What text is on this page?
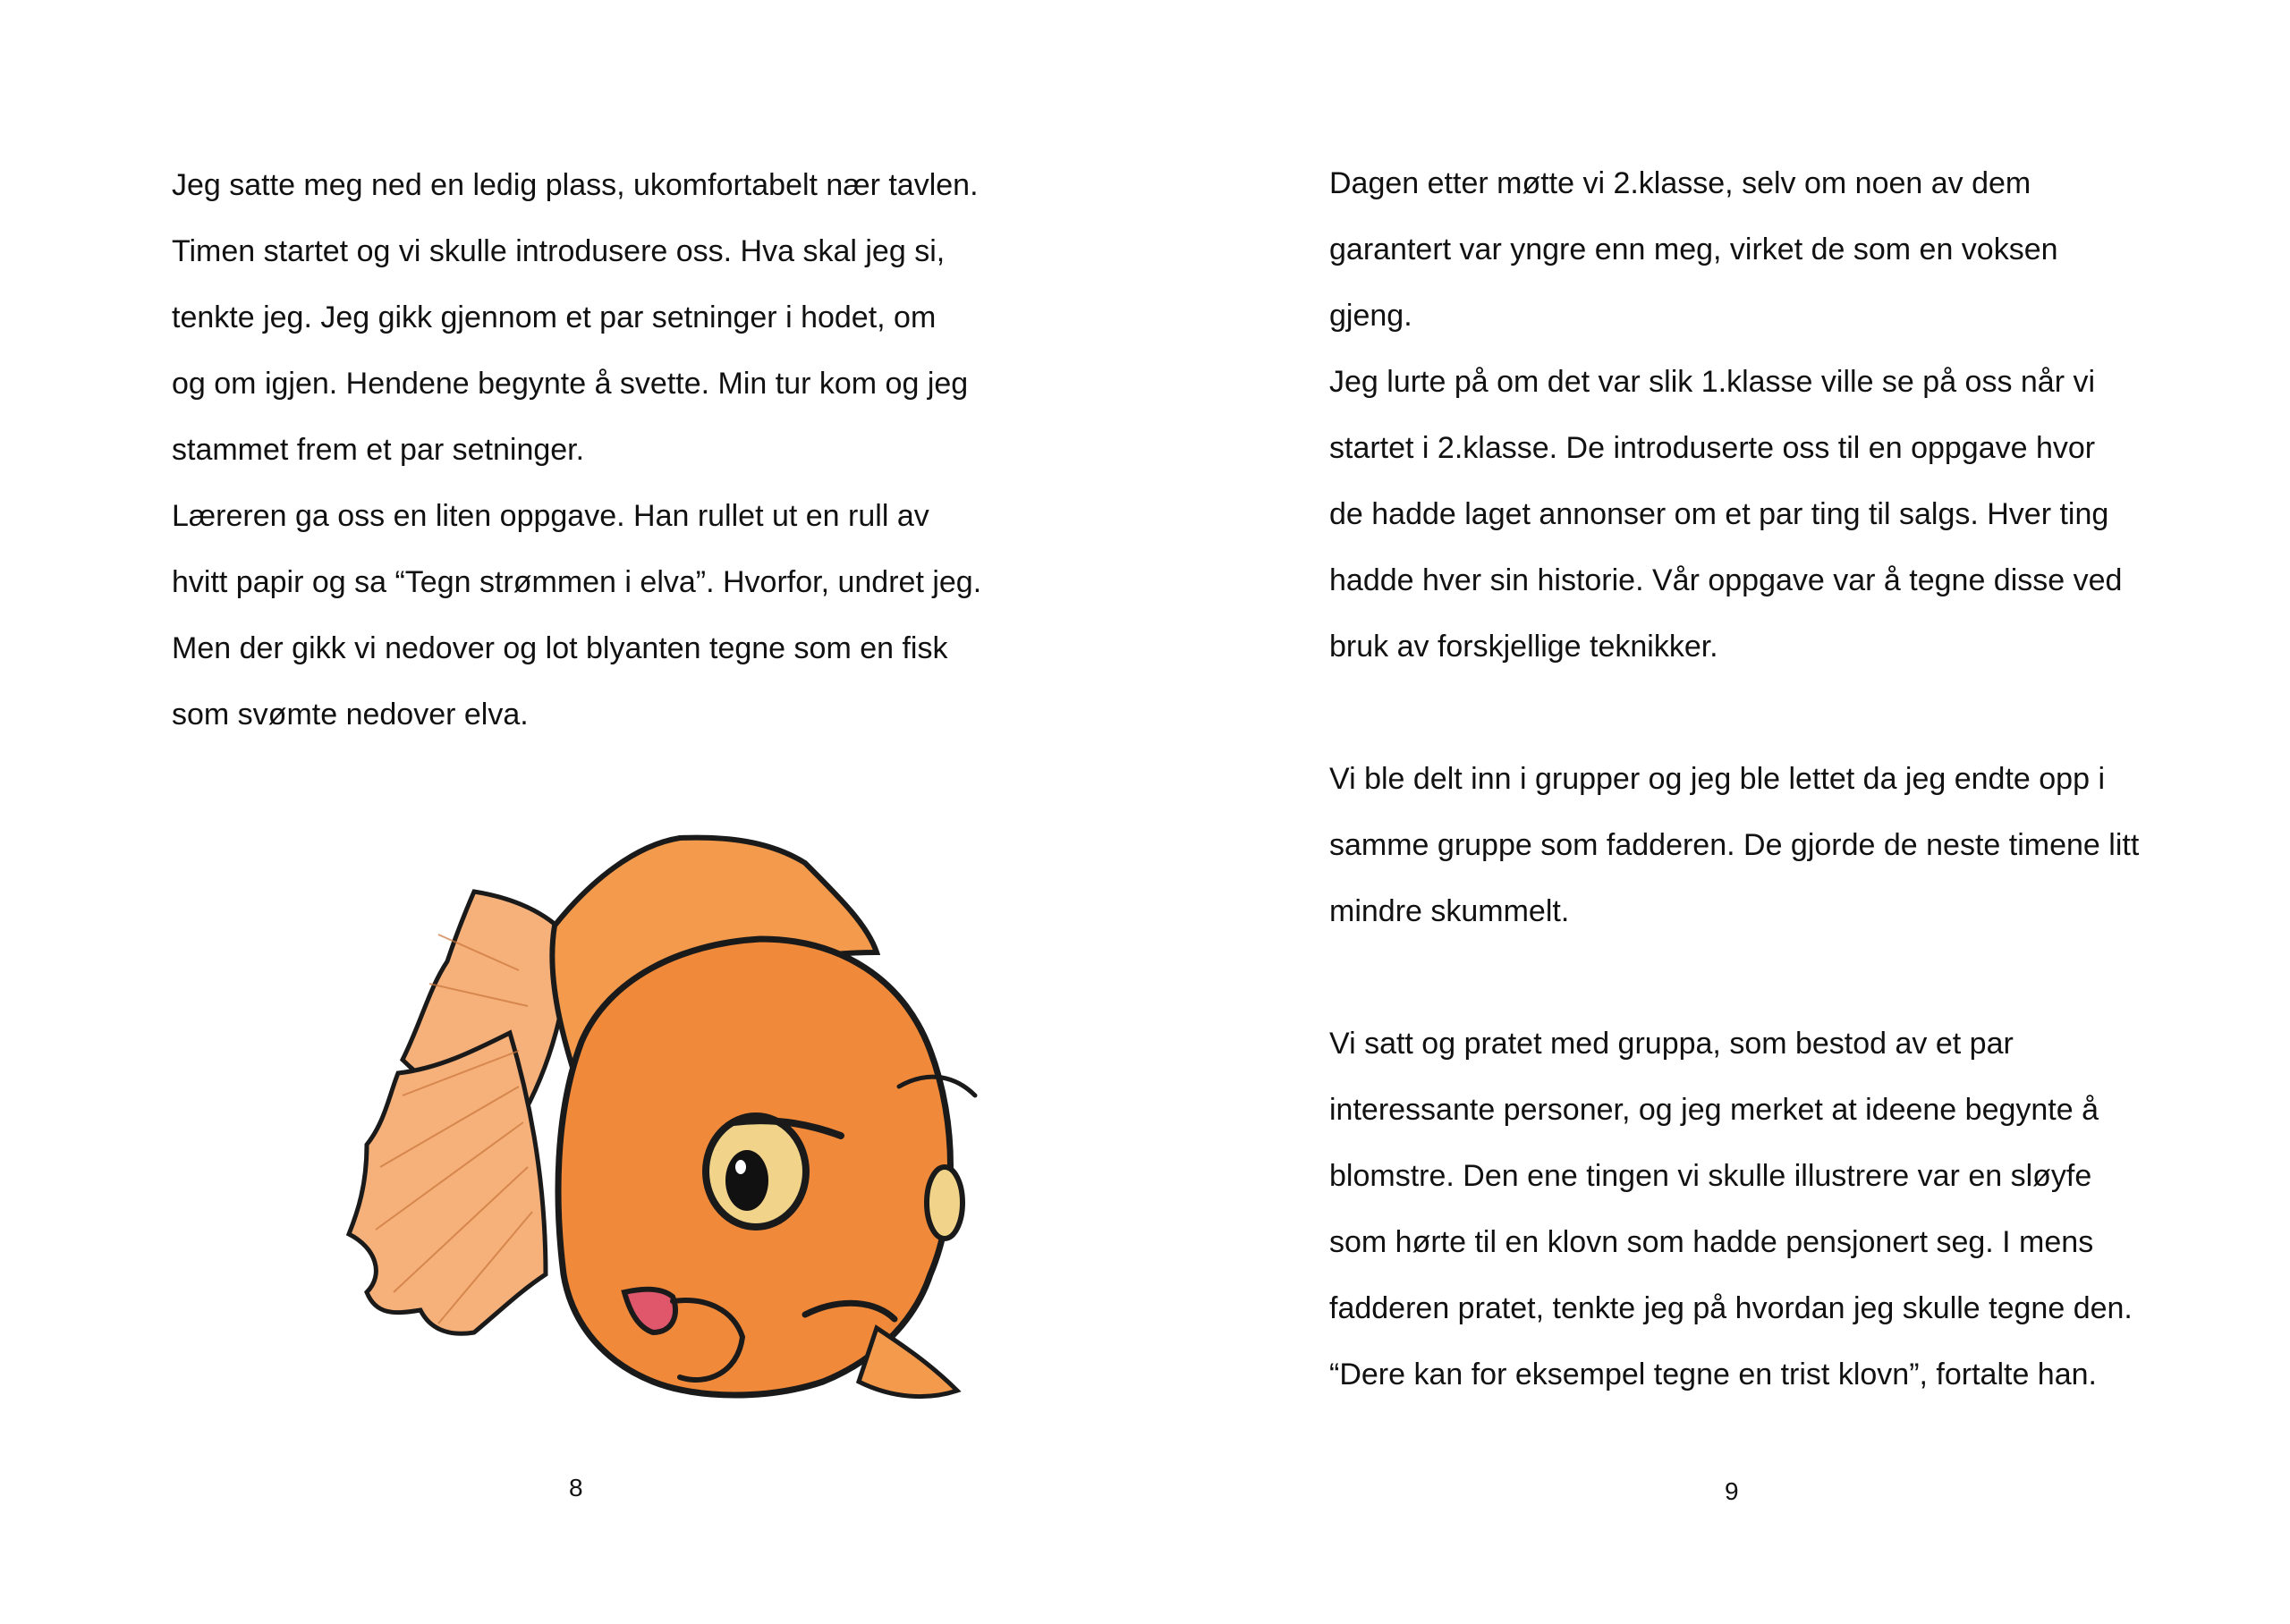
Jeg satte meg ned en ledig plass, ukomfortabelt nær tavlen.
Timen startet og vi skulle introdusere oss. Hva skal jeg si,
tenkte jeg. Jeg gikk gjennom et par setninger i hodet, om
og om igjen. Hendene begynte å svette. Min tur kom og jeg
stammet frem et par setninger.
Læreren ga oss en liten oppgave. Han rullet ut en rull av
hvitt papir og sa “Tegn strømmen i elva”. Hvorfor, undret jeg.
Men der gikk vi nedover og lot blyanten tegne som en fisk
som svømte nedover elva.
8
Dagen etter møtte vi 2.klasse, selv om noen av dem
garantert var yngre enn meg, virket de som en voksen
gjeng.
Jeg lurte på om det var slik 1.klasse ville se på oss når vi
startet i 2.klasse. De introduserte oss til en oppgave hvor
de hadde laget annonser om et par ting til salgs. Hver ting
hadde hver sin historie. Vår oppgave var å tegne disse ved
bruk av forskjellige teknikker.
Vi ble delt inn i grupper og jeg ble lettet da jeg endte opp i
samme gruppe som fadderen. De gjorde de neste timene litt
mindre skummelt.
Vi satt og pratet med gruppa, som bestod av et par
interessante personer, og jeg merket at ideene begynte å
blomstre. Den ene tingen vi skulle illustrere var en sløyfe
som hørte til en klovn som hadde pensjonert seg. I mens
fadderen pratet, tenkte jeg på hvordan jeg skulle tegne den.
“Dere kan for eksempel tegne en trist klovn”, fortalte han.
9
